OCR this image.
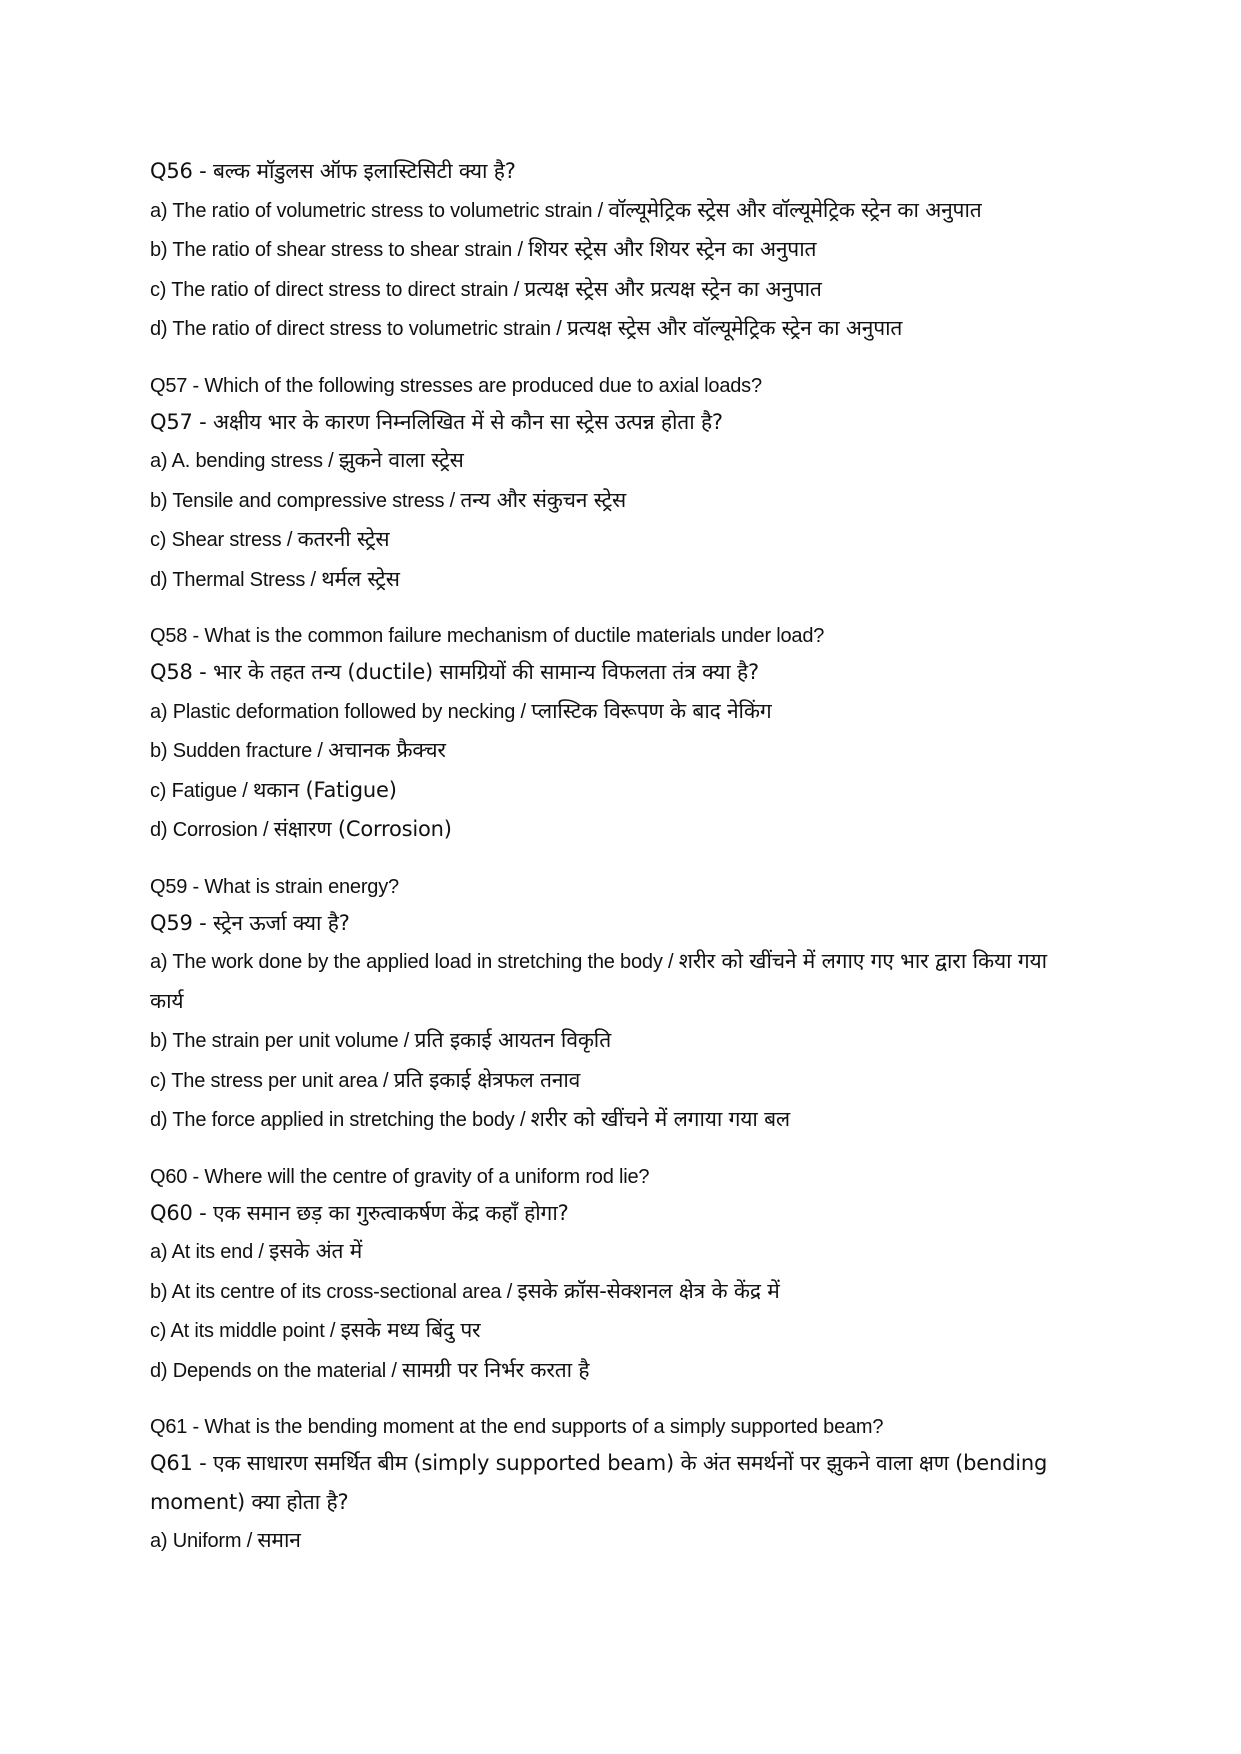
Q56 - बल्क मॉडुलस ऑफ इलास्टिसिटी क्या है?
a) The ratio of volumetric stress to volumetric strain / वॉल्यूमेट्रिक स्ट्रेस और वॉल्यूमेट्रिक स्ट्रेन का अनुपात
b) The ratio of shear stress to shear strain / शियर स्ट्रेस और शियर स्ट्रेन का अनुपात
c) The ratio of direct stress to direct strain / प्रत्यक्ष स्ट्रेस और प्रत्यक्ष स्ट्रेन का अनुपात
d) The ratio of direct stress to volumetric strain / प्रत्यक्ष स्ट्रेस और वॉल्यूमेट्रिक स्ट्रेन का अनुपात
Q57 - Which of the following stresses are produced due to axial loads?
Q57 - अक्षीय भार के कारण निम्नलिखित में से कौन सा स्ट्रेस उत्पन्न होता है?
a) A. bending stress / झुकने वाला स्ट्रेस
b) Tensile and compressive stress / तन्य और संकुचन स्ट्रेस
c) Shear stress / कतरनी स्ट्रेस
d) Thermal Stress / थर्मल स्ट्रेस
Q58 - What is the common failure mechanism of ductile materials under load?
Q58 - भार के तहत तन्य (ductile) सामग्रियों की सामान्य विफलता तंत्र क्या है?
a) Plastic deformation followed by necking / प्लास्टिक विरूपण के बाद नेकिंग
b) Sudden fracture / अचानक फ्रैक्चर
c) Fatigue / थकान (Fatigue)
d) Corrosion / संक्षारण (Corrosion)
Q59 - What is strain energy?
Q59 - स्ट्रेन ऊर्जा क्या है?
a) The work done by the applied load in stretching the body / शरीर को खींचने में लगाए गए भार द्वारा किया गया कार्य
b) The strain per unit volume / प्रति इकाई आयतन विकृति
c) The stress per unit area / प्रति इकाई क्षेत्रफल तनाव
d) The force applied in stretching the body / शरीर को खींचने में लगाया गया बल
Q60 - Where will the centre of gravity of a uniform rod lie?
Q60 - एक समान छड़ का गुरुत्वाकर्षण केंद्र कहाँ होगा?
a) At its end / इसके अंत में
b) At its centre of its cross-sectional area / इसके क्रॉस-सेक्शनल क्षेत्र के केंद्र में
c) At its middle point / इसके मध्य बिंदु पर
d) Depends on the material / सामग्री पर निर्भर करता है
Q61 - What is the bending moment at the end supports of a simply supported beam?
Q61 - एक साधारण समर्थित बीम (simply supported beam) के अंत समर्थनों पर झुकने वाला क्षण (bending moment) क्या होता है?
a) Uniform / समान
